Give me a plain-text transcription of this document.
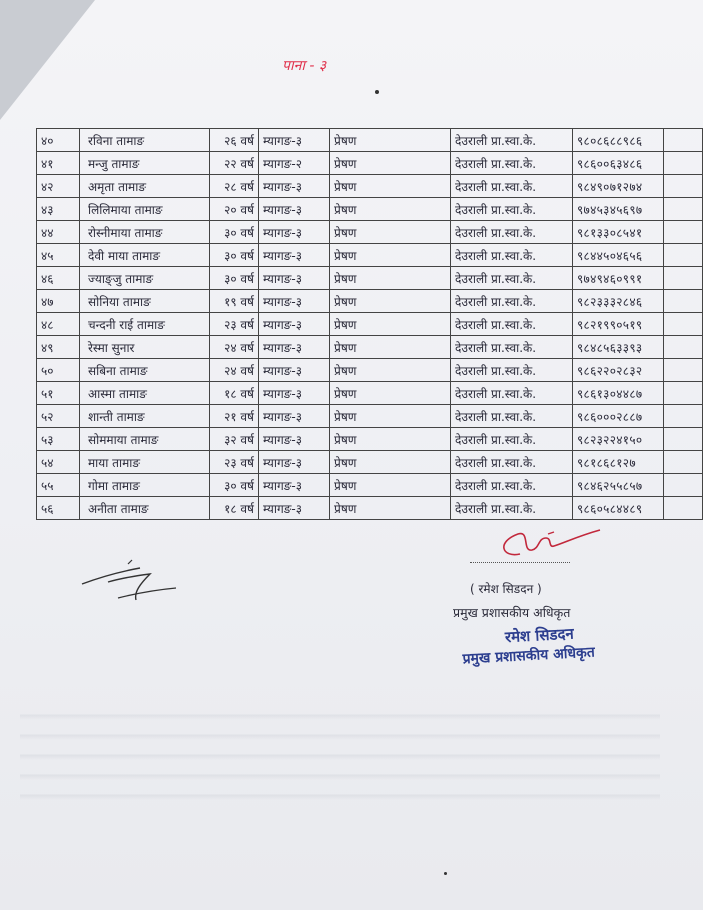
पाना - ३
४०	रविना तामाङ	२६ वर्ष	म्यागङ-३	प्रेषण	देउराली प्रा.स्वा.के.	९८०८६८८९८६	
४१	मन्जु तामाङ	२२ वर्ष	म्यागङ-२	प्रेषण	देउराली प्रा.स्वा.के.	९८६००६३४८६	
४२	अमृता तामाङ	२८ वर्ष	म्यागङ-३	प्रेषण	देउराली प्रा.स्वा.के.	९८४९०७१२७४	
४३	लिलिमाया तामाङ	२० वर्ष	म्यागङ-३	प्रेषण	देउराली प्रा.स्वा.के.	९७४५३४५६९७	
४४	रोस्नीमाया तामाङ	३० वर्ष	म्यागङ-३	प्रेषण	देउराली प्रा.स्वा.के.	९८१३३०८५४१	
४५	देवी माया तामाङ	३० वर्ष	म्यागङ-३	प्रेषण	देउराली प्रा.स्वा.के.	९८४४५०४६५६	
४६	ज्याङ्जु तामाङ	३० वर्ष	म्यागङ-३	प्रेषण	देउराली प्रा.स्वा.के.	९७४९४६०९९१	
४७	सोनिया तामाङ	१९ वर्ष	म्यागङ-३	प्रेषण	देउराली प्रा.स्वा.के.	९८२३३३२८४६	
४८	चन्दनी राई तामाङ	२३ वर्ष	म्यागङ-३	प्रेषण	देउराली प्रा.स्वा.के.	९८२१९९०५१९	
४९	रेस्मा सुनार	२४ वर्ष	म्यागङ-३	प्रेषण	देउराली प्रा.स्वा.के.	९८४८५६३३९३	
५०	सबिना तामाङ	२४ वर्ष	म्यागङ-३	प्रेषण	देउराली प्रा.स्वा.के.	९८६२२०२८३२	
५१	आस्मा तामाङ	१८ वर्ष	म्यागङ-३	प्रेषण	देउराली प्रा.स्वा.के.	९८६१३०४४८७	
५२	शान्ती तामाङ	२१ वर्ष	म्यागङ-३	प्रेषण	देउराली प्रा.स्वा.के.	९८६०००२८८७	
५३	सोममाया तामाङ	३२ वर्ष	म्यागङ-३	प्रेषण	देउराली प्रा.स्वा.के.	९८२३२२४१५०	
५४	माया तामाङ	२३ वर्ष	म्यागङ-३	प्रेषण	देउराली प्रा.स्वा.के.	९८१८६८१२७	
५५	गोमा तामाङ	३० वर्ष	म्यागङ-३	प्रेषण	देउराली प्रा.स्वा.के.	९८४६२५५८५७	
५६	अनीता तामाङ	१८ वर्ष	म्यागङ-३	प्रेषण	देउराली प्रा.स्वा.के.	९८६०५८४४८९	
( रमेश सिडदन )
प्रमुख प्रशासकीय अधिकृत
रमेश सिडदन
प्रमुख प्रशासकीय अधिकृत
